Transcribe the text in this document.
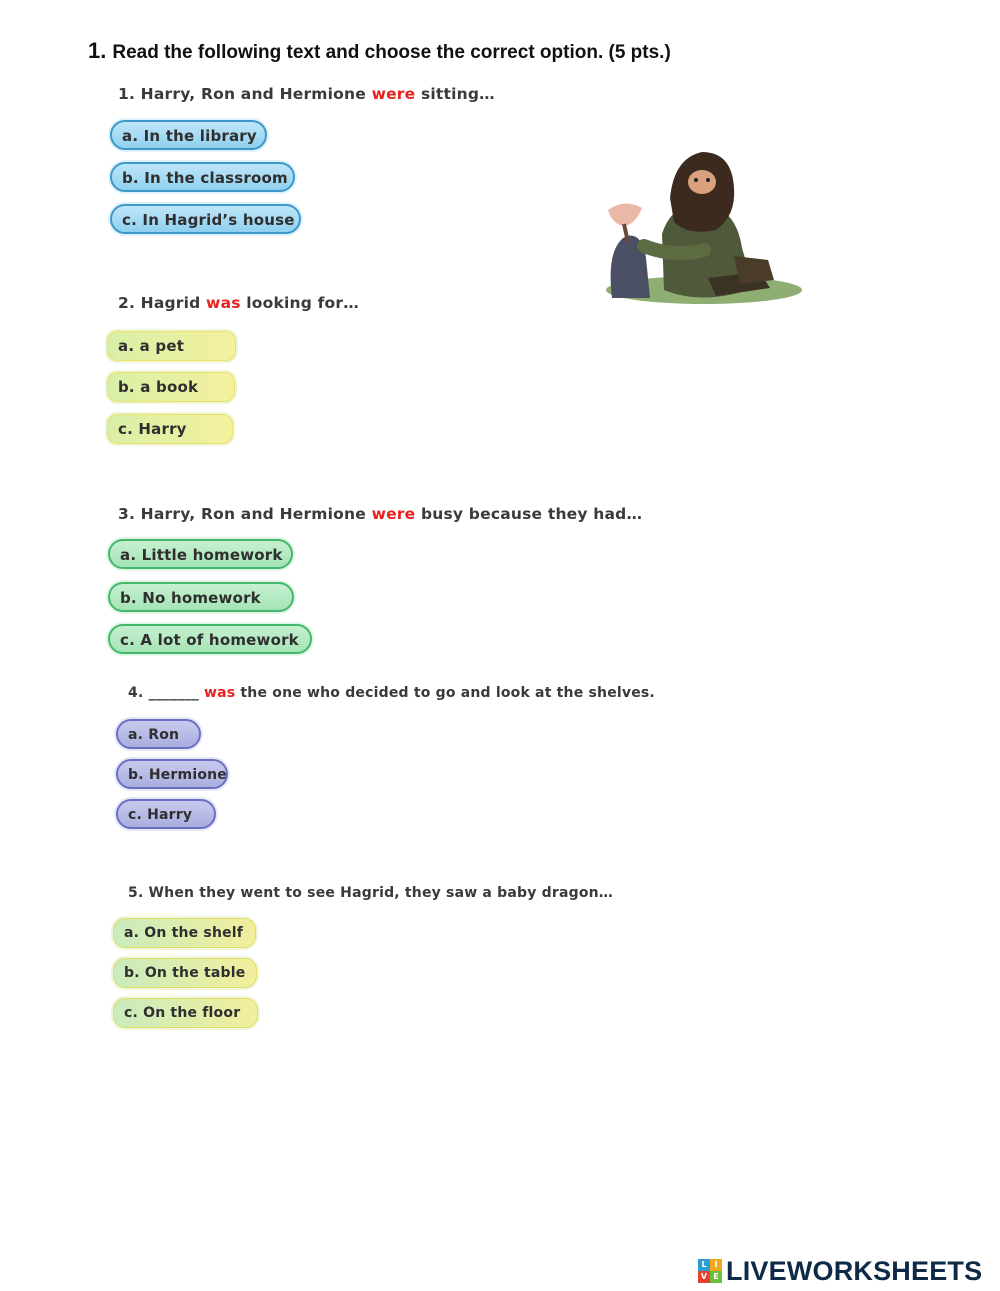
1. Read the following text and choose the correct option. (5 pts.)
1. Harry, Ron and Hermione were sitting…
a. In the library
b. In the classroom
c. In Hagrid’s house
2. Hagrid was looking for…
a. a pet
b. a book
c. Harry
3. Harry, Ron and Hermione were busy because they had…
a. Little homework
b. No homework
c. A lot of homework
4. _______ was the one who decided to go and look at the shelves.
a. Ron
b. Hermione
c. Harry
5. When they went to see Hagrid, they saw a baby dragon…
a. On the shelf
b. On the table
c. On the floor
L I
V E LIVEWORKSHEETS
